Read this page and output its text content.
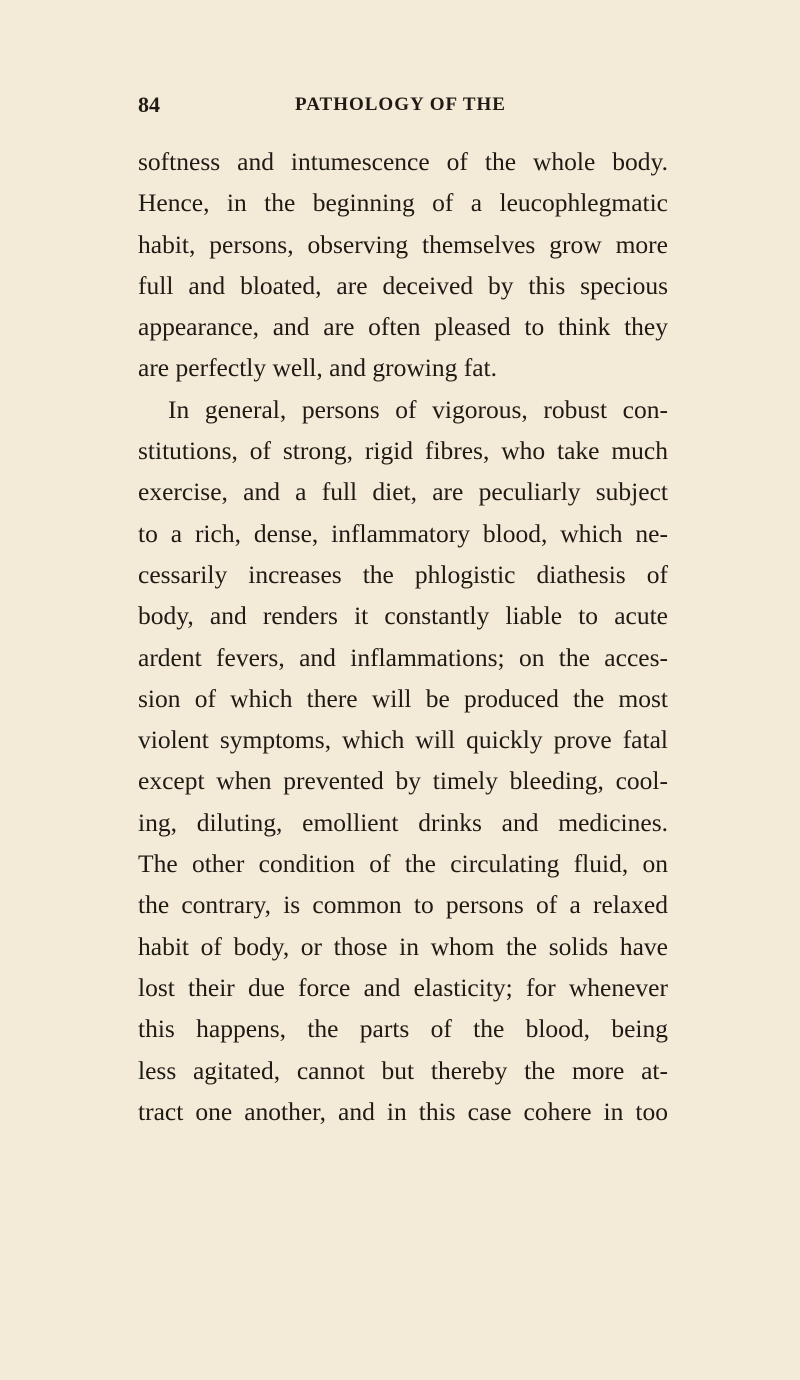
84	PATHOLOGY OF THE
softness and intumescence of the whole body.
Hence, in the beginning of a leucophlegmatic
habit, persons, observing themselves grow more
full and bloated, are deceived by this specious
appearance, and are often pleased to think they
are perfectly well, and growing fat.
In general, persons of vigorous, robust con-
stitutions, of strong, rigid fibres, who take much
exercise, and a full diet, are peculiarly subject
to a rich, dense, inflammatory blood, which ne-
cessarily increases the phlogistic diathesis of
body, and renders it constantly liable to acute
ardent fevers, and inflammations; on the acces-
sion of which there will be produced the most
violent symptoms, which will quickly prove fatal
except when prevented by timely bleeding, cool-
ing, diluting, emollient drinks and medicines.
The other condition of the circulating fluid, on
the contrary, is common to persons of a relaxed
habit of body, or those in whom the solids have
lost their due force and elasticity; for whenever
this happens, the parts of the blood, being
less agitated, cannot but thereby the more at-
tract one another, and in this case cohere in too
